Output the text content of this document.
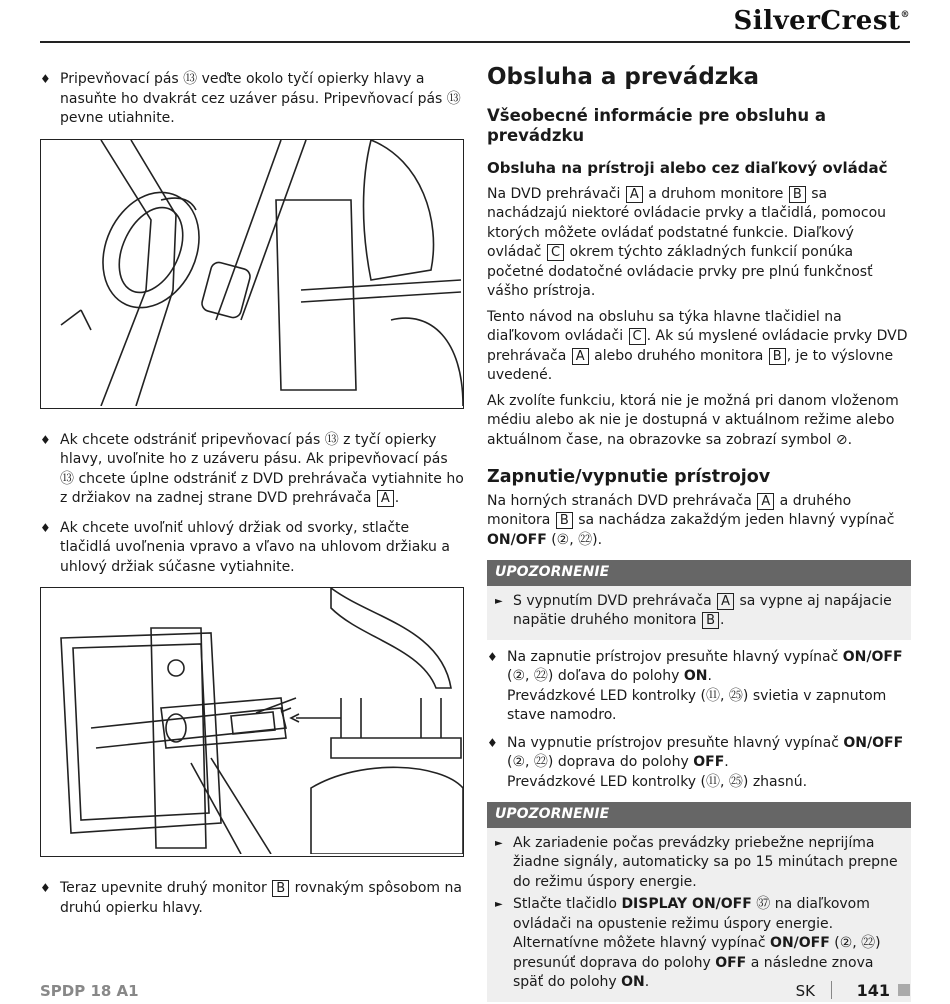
SilverCrest®
♦ Pripevňovací pás ⑬ veďte okolo tyčí opierky hlavy a nasuňte ho dvakrát cez uzáver pásu. Pripevňovací pás ⑬ pevne utiahnite.
♦ Ak chcete odstrániť pripevňovací pás ⑬ z tyčí opierky hlavy, uvoľnite ho z uzáveru pásu. Ak pripevňovací pás ⑬ chcete úplne odstrániť z DVD prehrávača vytiahnite ho z držiakov na zadnej strane DVD prehrávača A .
♦ Ak chcete uvoľniť uhlový držiak od svorky, stlačte tlačidlá uvoľnenia vpravo a vľavo na uhlovom držiaku a uhlový držiak súčasne vytiahnite.
♦ Teraz upevnite druhý monitor B rovnakým spôsobom na druhú opierku hlavy.
Obsluha a prevádzka
Všeobecné informácie pre obsluhu a prevádzku
Obsluha na prístroji alebo cez diaľkový ovládač

Na DVD prehrávači A a druhom monitore B sa nachádzajú niektoré ovládacie prvky a tlačidlá, pomocou ktorých môžete ovládať podstatné funkcie. Diaľkový ovládač C okrem týchto základných funkcií ponúka početné dodatočné ovládacie prvky pre plnú funkčnosť vášho prístroja.

Tento návod na obsluhu sa týka hlavne tlačidiel na diaľkovom ovládači C . Ak sú myslené ovládacie prvky DVD prehrávača A alebo druhého monitora B , je to výslovne uvedené.

Ak zvolíte funkciu, ktorá nie je možná pri danom vloženom médiu alebo ak nie je dostupná v aktuálnom režime alebo aktuálnom čase, na obrazovke sa zobrazí symbol ⊘.

Zapnutie/vypnutie prístrojov

Na horných stranách DVD prehrávača A a druhého monitora B sa nachádza zakaždým jeden hlavný vypínač ON/OFF (②, ㉒).

UPOZORNENIE
► S vypnutím DVD prehrávača A sa vypne aj napájacie napätie druhého monitora B .
♦ Na zapnutie prístrojov presuňte hlavný vypínač ON/OFF (②, ㉒) doľava do polohy ON.
Prevádzkové LED kontrolky (⑪, ㉕) svietia v zapnutom stave namodro.
♦ Na vypnutie prístrojov presuňte hlavný vypínač ON/OFF (②, ㉒) doprava do polohy OFF.
Prevádzkové LED kontrolky (⑪, ㉕) zhasnú.
UPOZORNENIE
► Ak zariadenie počas prevádzky priebežne neprijíma žiadne signály, automaticky sa po 15 minútach prepne do režimu úspory energie.
► Stlačte tlačidlo DISPLAY ON/OFF ㊲ na diaľkovom ovládači na opustenie režimu úspory energie. Alternatívne môžete hlavný vypínač ON/OFF (②, ㉒) presunúť doprava do polohy OFF a následne znova späť do polohy ON.
SPDP 18 A1	SK	141
